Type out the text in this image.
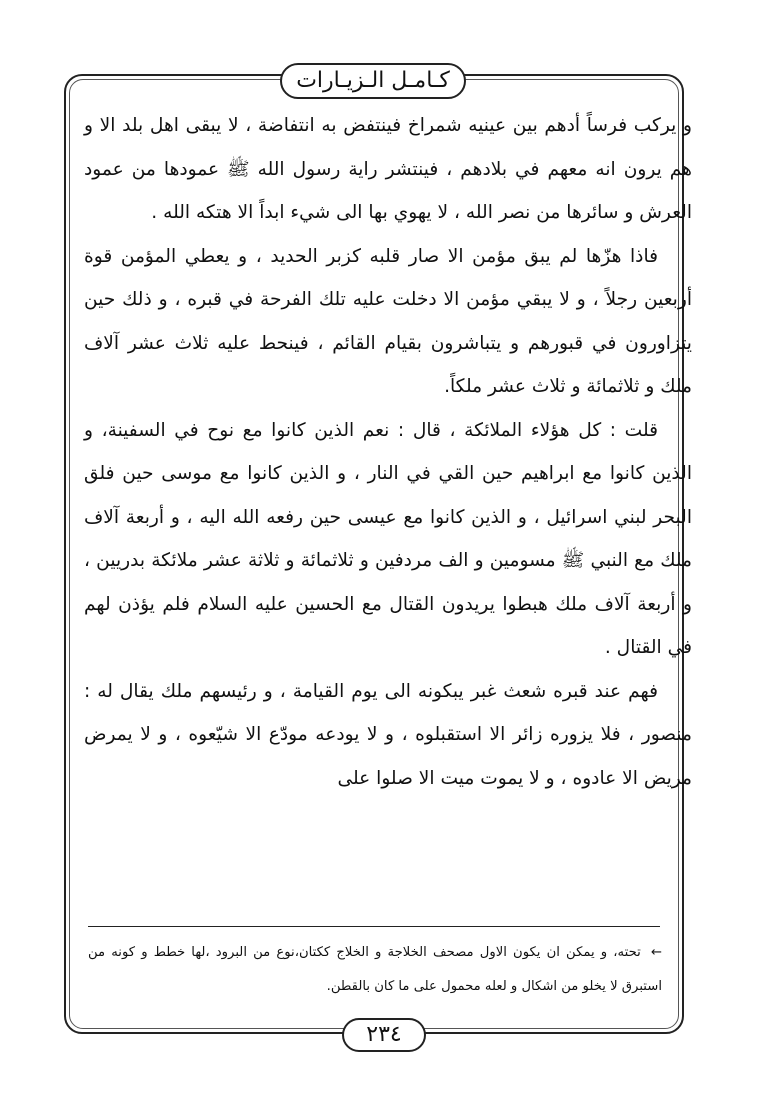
كـامـل الـزيـارات

و يركب فرساً أدهم بين عينيه شمراخ فينتفض به انتفاضة ، لا يبقى اهل بلد الا و هم يرون انه معهم في بلادهم ، فينتشر راية رسول الله ﷺ عمودها من عمود العرش و سائرها من نصر الله ، لا يهوي بها الى شيء ابداً الا هتكه الله .

فاذا هزّها لم يبق مؤمن الا صار قلبه كزبر الحديد ، و يعطي المؤمن قوة أربعين رجلاً ، و لا يبقي مؤمن الا دخلت عليه تلك الفرحة في قبره ، و ذلك حين يتزاورون في قبورهم و يتباشرون بقيام القائم ، فينحط عليه ثلاث عشر آلاف ملك و ثلاثمائة و ثلاث عشر ملكاً.

قلت : كل هؤلاء الملائكة ، قال : نعم الذين كانوا مع نوح في السفينة، و الذين كانوا مع ابراهيم حين القي في النار ، و الذين كانوا مع موسى حين فلق البحر لبني اسرائيل ، و الذين كانوا مع عيسى حين رفعه الله اليه ، و أربعة آلاف ملك مع النبي ﷺ مسومين و الف مردفين و ثلاثمائة و ثلاثة عشر ملائكة بدريين ، و أربعة آلاف ملك هبطوا يريدون القتال مع الحسين عليه السلام فلم يؤذن لهم في القتال .

فهم عند قبره شعث غبر يبكونه الى يوم القيامة ، و رئيسهم ملك يقال له : منصور ، فلا يزوره زائر الا استقبلوه ، و لا يودعه مودّع الا شيّعوه ، و لا يمرض مريض الا عادوه ، و لا يموت ميت الا صلوا على

← تحته، و يمكن ان يكون الاول مصحف الخلاجة و الخلاج ككتان،نوع من البرود ،لها خطط و كونه من استبرق لا يخلو من اشكال و لعله محمول على ما كان بالقطن.
٢٣٤
